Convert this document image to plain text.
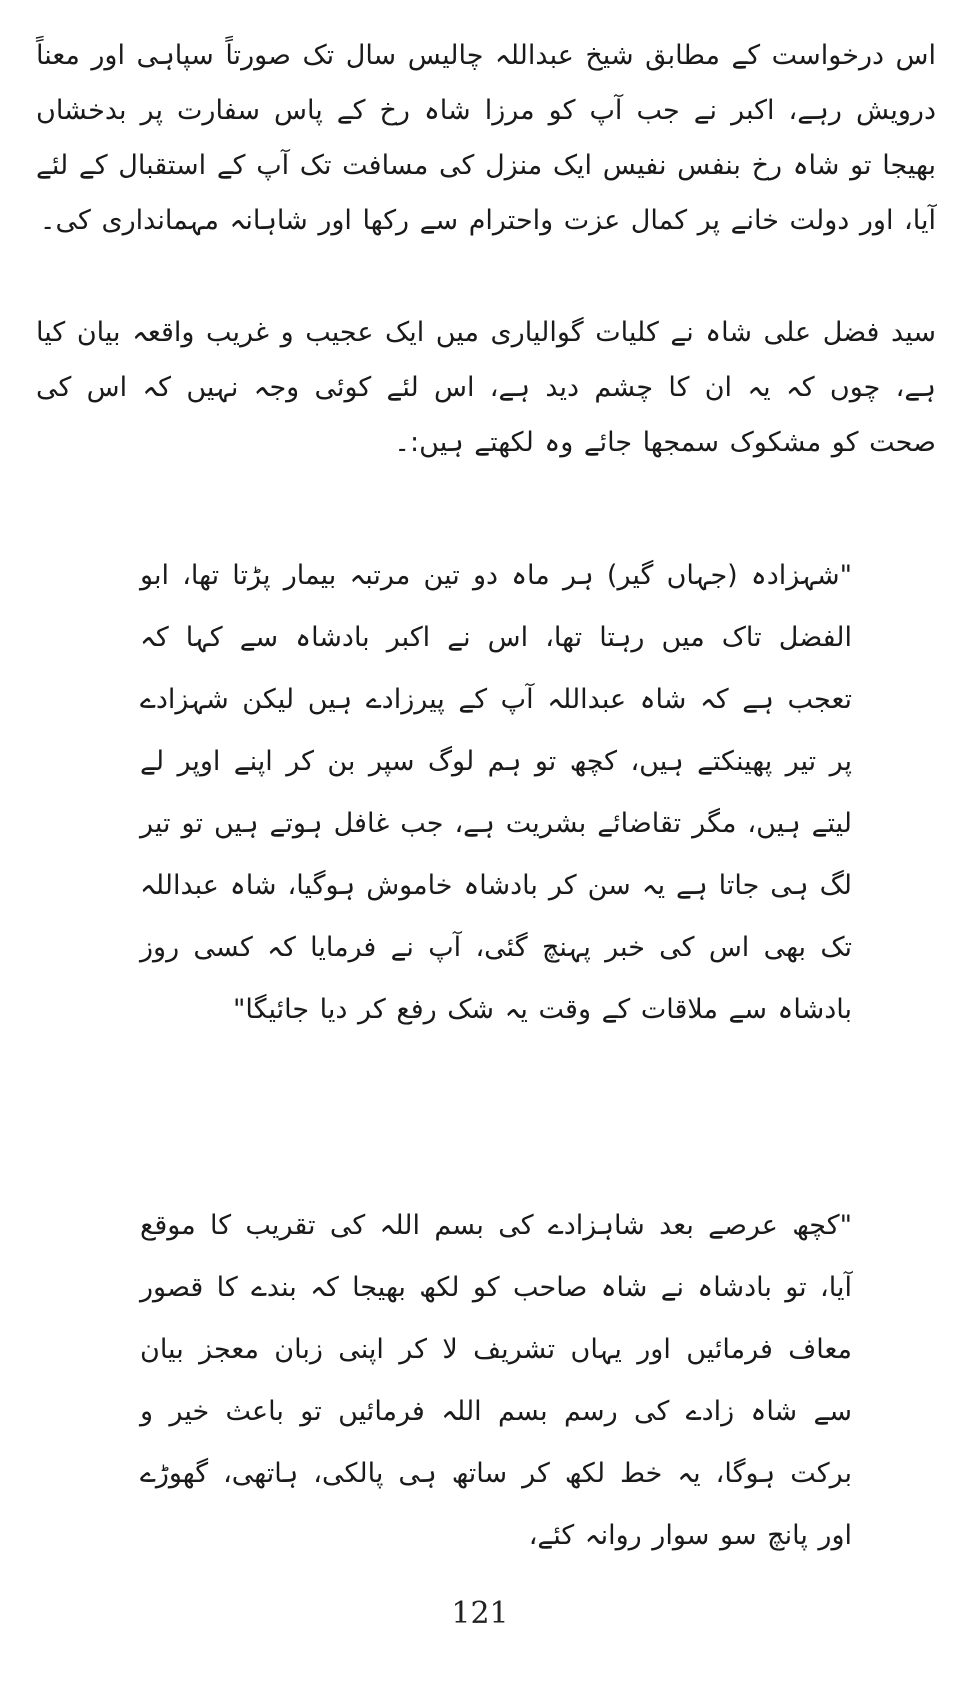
اس درخواست کے مطابق شیخ عبداللہ چالیس سال تک صورتاً سپاہی اور معناً درویش رہے، اکبر نے جب آپ کو مرزا شاہ رخ کے پاس سفارت پر بدخشاں بھیجا تو شاہ رخ بنفس نفیس ایک منزل کی مسافت تک آپ کے استقبال کے لئے آیا، اور دولت خانے پر کمال عزت واحترام سے رکھا اور شاہانہ مہمانداری کی۔

سید فضل علی شاہ نے کلیات گوالیاری میں ایک عجیب و غریب واقعہ بیان کیا ہے، چوں کہ یہ ان کا چشم دید ہے، اس لئے کوئی وجہ نہیں کہ اس کی صحت کو مشکوک سمجھا جائے وہ لکھتے ہیں:۔

"شہزادہ (جہاں گیر) ہر ماہ دو تین مرتبہ بیمار پڑتا تھا، ابو الفضل تاک میں رہتا تھا، اس نے اکبر بادشاہ سے کہا کہ تعجب ہے کہ شاہ عبداللہ آپ کے پیرزادے ہیں لیکن شہزادے پر تیر پھینکتے ہیں، کچھ تو ہم لوگ سپر بن کر اپنے اوپر لے لیتے ہیں، مگر تقاضائے بشریت ہے، جب غافل ہوتے ہیں تو تیر لگ ہی جاتا ہے یہ سن کر بادشاہ خاموش ہوگیا، شاہ عبداللہ تک بھی اس کی خبر پہنچ گئی، آپ نے فرمایا کہ کسی روز بادشاہ سے ملاقات کے وقت یہ شک رفع کر دیا جائیگا"

"کچھ عرصے بعد شاہزادے کی بسم اللہ کی تقریب کا موقع آیا، تو بادشاہ نے شاہ صاحب کو لکھ بھیجا کہ بندے کا قصور معاف فرمائیں اور یہاں تشریف لا کر اپنی زبان معجز بیان سے شاہ زادے کی رسم بسم اللہ فرمائیں تو باعث خیر و برکت ہوگا، یہ خط لکھ کر ساتھ ہی پالکی، ہاتھی، گھوڑے اور پانچ سو سوار روانہ کئے،

121
